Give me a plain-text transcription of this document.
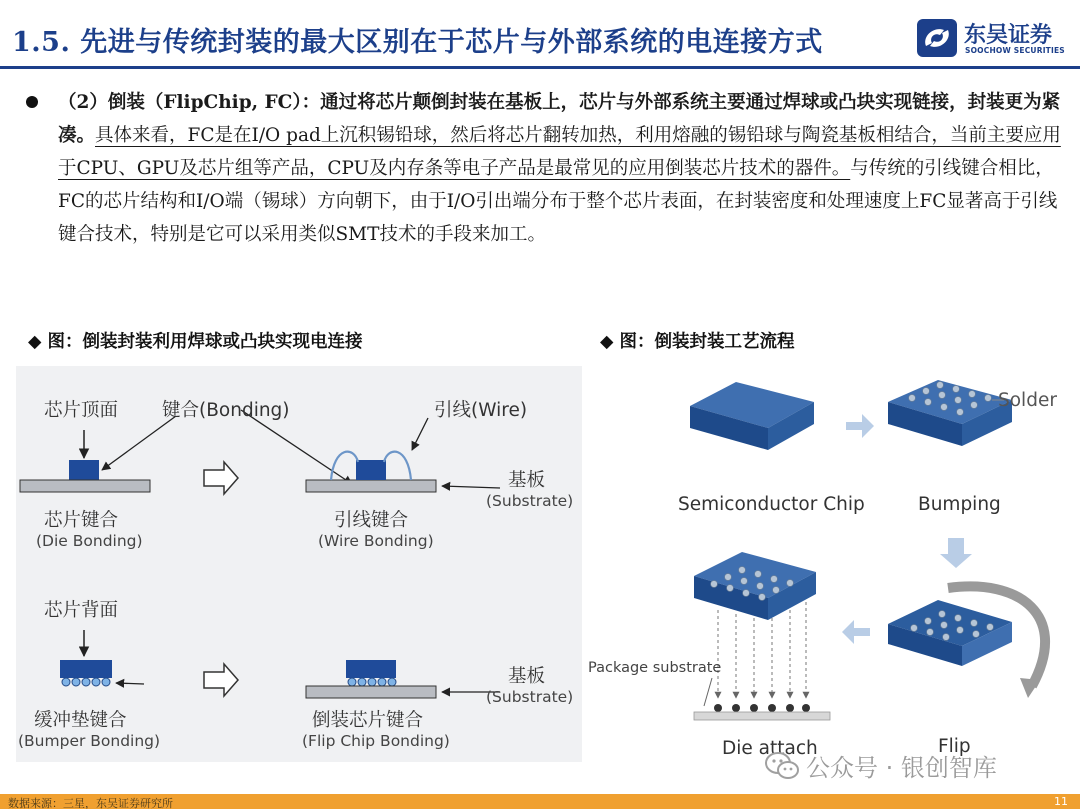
1.5. 先进与传统封装的最大区别在于芯片与外部系统的电连接方式	东吴证券
SOOCHOW SECURITIES
（2）倒装（FlipChip, FC）：通过将芯片颠倒封装在基板上，芯片与外部系统主要通过焊球或凸块实现链接，封装更为紧凑。具体来看，FC是在I/O pad上沉积锡铅球，然后将芯片翻转加热，利用熔融的锡铅球与陶瓷基板相结合，当前主要应用于CPU、GPU及芯片组等产品，CPU及内存条等电子产品是最常见的应用倒装芯片技术的器件。与传统的引线键合相比，FC的芯片结构和I/O端（锡球）方向朝下，由于I/O引出端分布于整个芯片表面，在封装密度和处理速度上FC显著高于引线键合技术，特别是它可以采用类似SMT技术的手段来加工。
◆ 图：倒装封装利用焊球或凸块实现电连接	◆ 图：倒装封装工艺流程
芯片顶面 键合(Bonding)	引线(Wire)
基板
(Substrate)
芯片键合
(Die Bonding)
引线键合
(Wire Bonding)
芯片背面
基板
(Substrate)
缓冲垫键合
(Bumper Bonding)
倒装芯片键合
(Flip Chip Bonding)
Solder
Semiconductor Chip	Bumping
Package substrate
Die attach	Flip
公众号 · 银创智库
数据来源：三星，东吴证券研究所	11
